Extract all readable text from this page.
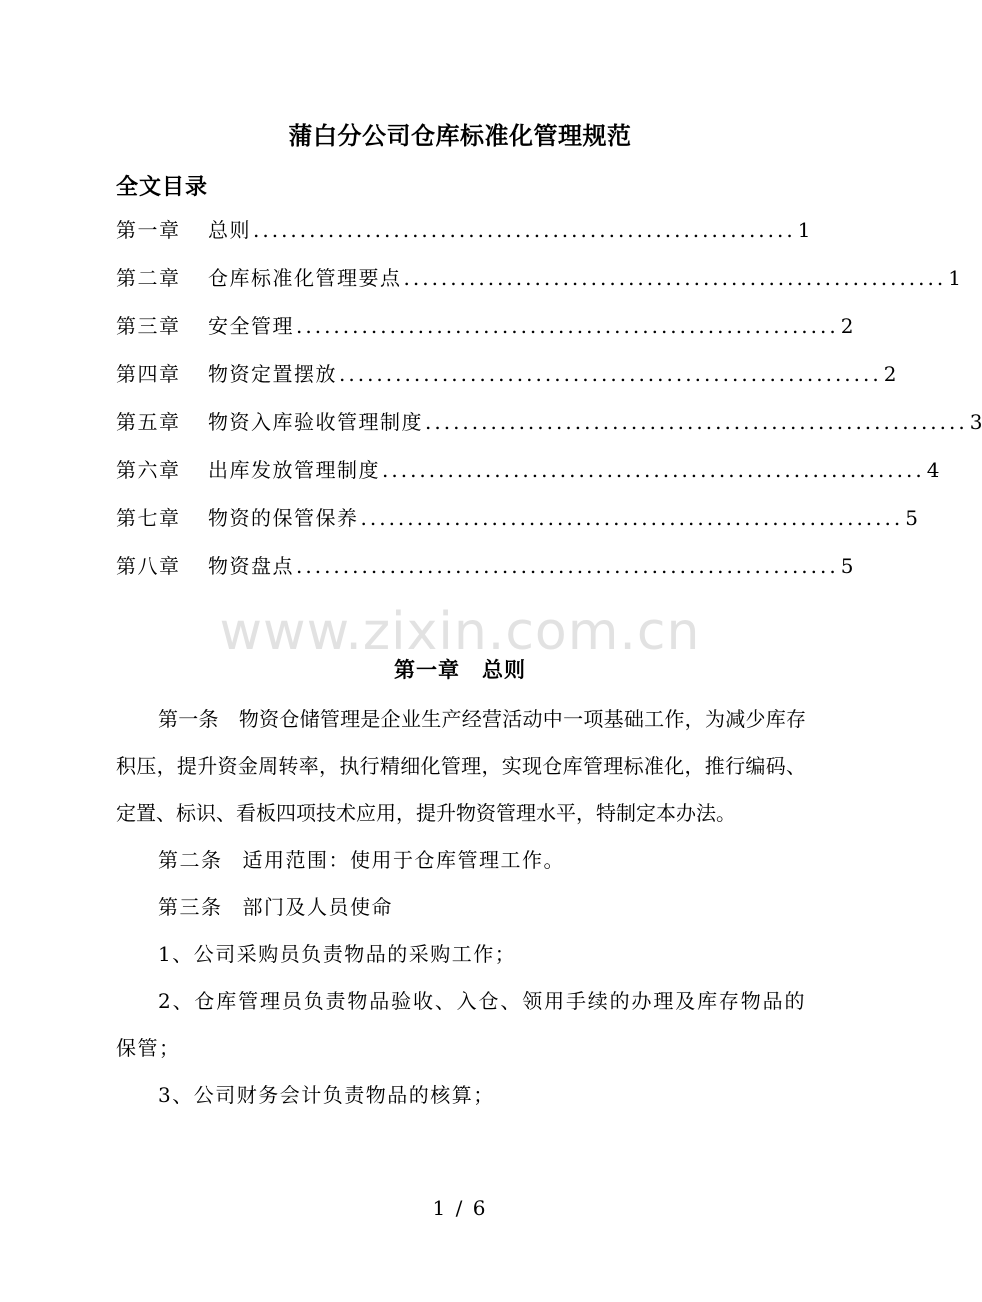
蒲白分公司仓库标准化管理规范
全文目录
第一章	总则 .......................................................... 1
第二章	仓库标准化管理要点 .......................................................... 1
第三章	安全管理 .......................................................... 2
第四章	物资定置摆放 .......................................................... 2
第五章	物资入库验收管理制度 .......................................................... 3
第六章	出库发放管理制度 .......................................................... 4
第七章	物资的保管保养 .......................................................... 5
第八章	物资盘点 .......................................................... 5
www.zixin.com.cn
第一章　总则

第一条 物资仓储管理是企业生产经营活动中一项基础工作，为减少库存积压，提升资金周转率，执行精细化管理，实现仓库管理标准化，推行编码、定置、标识、看板四项技术应用，提升物资管理水平，特制定本办法。

第二条 适用范围：使用于仓库管理工作。

第三条 部门及人员使命

1、公司采购员负责物品的采购工作；

2、仓库管理员负责物品验收、入仓、领用手续的办理及库存物品的保管；

3、公司财务会计负责物品的核算；

1 / 6
